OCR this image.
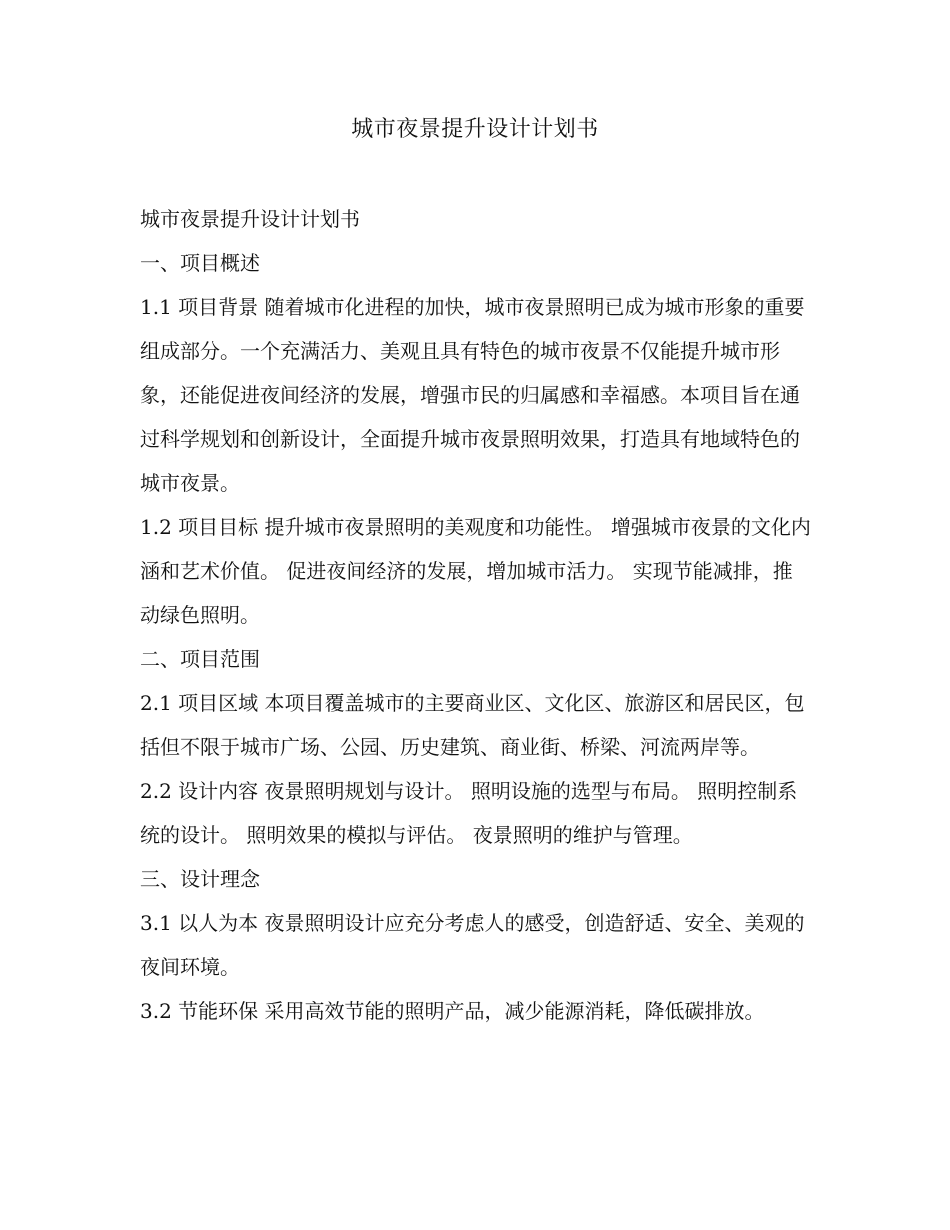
城市夜景提升设计计划书

城市夜景提升设计计划书

一、项目概述

1.1 项目背景 随着城市化进程的加快，城市夜景照明已成为城市形象的重要组成部分。一个充满活力、美观且具有特色的城市夜景不仅能提升城市形象，还能促进夜间经济的发展，增强市民的归属感和幸福感。本项目旨在通过科学规划和创新设计，全面提升城市夜景照明效果，打造具有地域特色的城市夜景。

1.2 项目目标 提升城市夜景照明的美观度和功能性。 增强城市夜景的文化内涵和艺术价值。 促进夜间经济的发展，增加城市活力。 实现节能减排，推动绿色照明。

二、项目范围

2.1 项目区域 本项目覆盖城市的主要商业区、文化区、旅游区和居民区，包括但不限于城市广场、公园、历史建筑、商业街、桥梁、河流两岸等。

2.2 设计内容 夜景照明规划与设计。 照明设施的选型与布局。 照明控制系统的设计。 照明效果的模拟与评估。 夜景照明的维护与管理。

三、设计理念

3.1 以人为本 夜景照明设计应充分考虑人的感受，创造舒适、安全、美观的夜间环境。

3.2 节能环保 采用高效节能的照明产品，减少能源消耗，降低碳排放。
